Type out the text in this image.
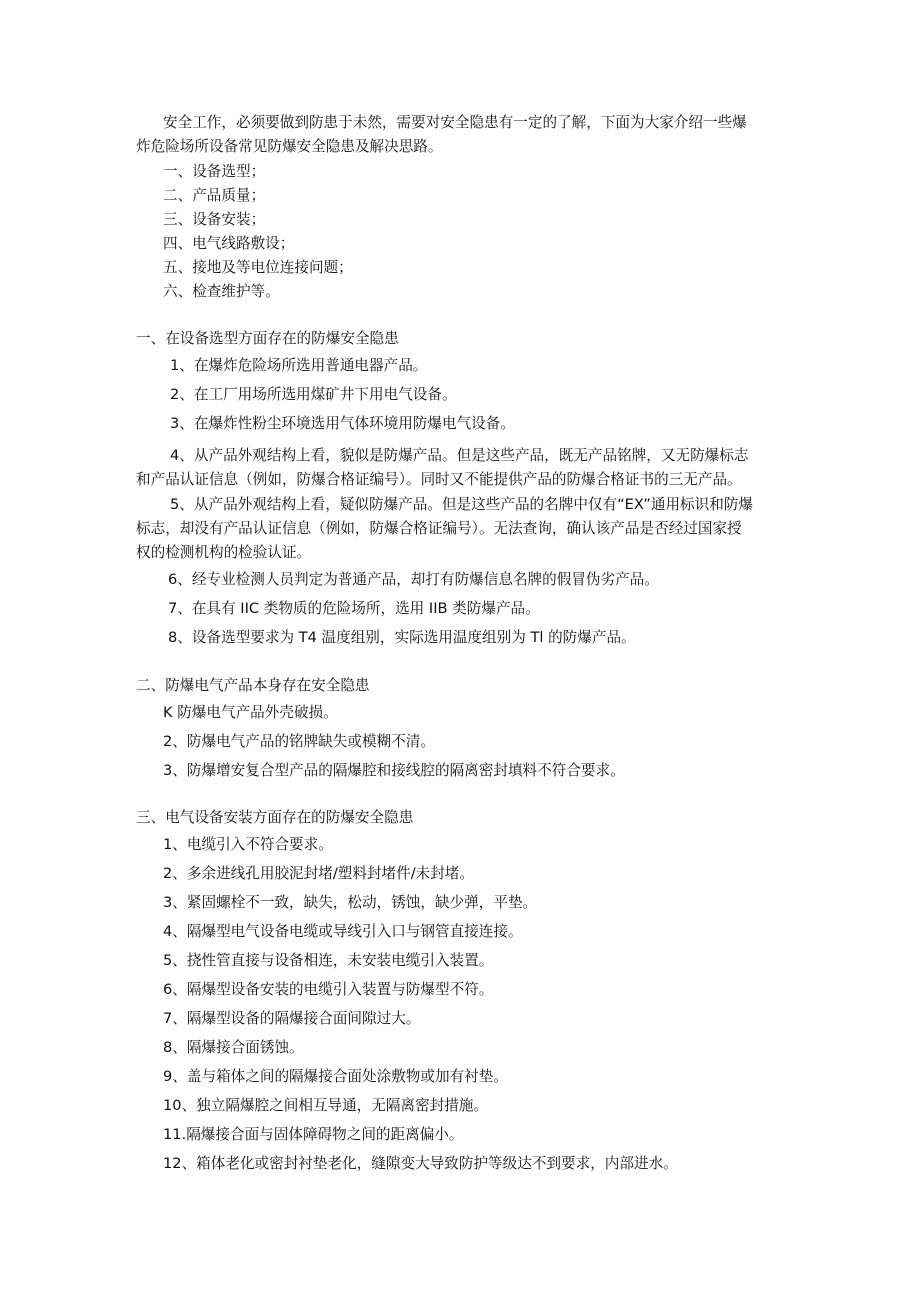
安全工作，必须要做到防患于未然，需要对安全隐患有一定的了解，下面为大家介绍一些爆

炸危险场所设备常见防爆安全隐患及解决思路。

一、设备选型；

二、产品质量；

三、设备安装；

四、电气线路敷设；

五、接地及等电位连接问题；

六、检查维护等。

一、在设备选型方面存在的防爆安全隐患

1、在爆炸危险场所选用普通电器产品。

2、在工厂用场所选用煤矿井下用电气设备。

3、在爆炸性粉尘环境选用气体环境用防爆电气设备。

4、从产品外观结构上看，貌似是防爆产品。但是这些产品，既无产品铭牌，又无防爆标志

和产品认证信息（例如，防爆合格证编号）。同时又不能提供产品的防爆合格证书的三无产品。

5、从产品外观结构上看，疑似防爆产品。但是这些产品的名牌中仅有“EX”通用标识和防爆

标志，却没有产品认证信息（例如，防爆合格证编号）。无法查询，确认该产品是否经过国家授

权的检测机构的检验认证。

6、经专业检测人员判定为普通产品，却打有防爆信息名牌的假冒伪劣产品。

7、在具有 IIC 类物质的危险场所，选用 IIB 类防爆产品。

8、设备选型要求为 T4 温度组别，实际选用温度组别为 Tl 的防爆产品。

二、防爆电气产品本身存在安全隐患

K 防爆电气产品外壳破损。

2、防爆电气产品的铭牌缺失或模糊不清。

3、防爆增安复合型产品的隔爆腔和接线腔的隔离密封填料不符合要求。

三、电气设备安装方面存在的防爆安全隐患

1、电缆引入不符合要求。

2、多余进线孔用胶泥封堵/塑料封堵件/未封堵。

3、紧固螺栓不一致，缺失，松动，锈蚀，缺少弹，平垫。

4、隔爆型电气设备电缆或导线引入口与钢管直接连接。

5、挠性管直接与设备相连，未安装电缆引入装置。

6、隔爆型设备安装的电缆引入装置与防爆型不符。

7、隔爆型设备的隔爆接合面间隙过大。

8、隔爆接合面锈蚀。

9、盖与箱体之间的隔爆接合面处涂敷物或加有衬垫。

10、独立隔爆腔之间相互导通，无隔离密封措施。

11.隔爆接合面与固体障碍物之间的距离偏小。

12、箱体老化或密封衬垫老化，缝隙变大导致防护等级达不到要求，内部进水。
